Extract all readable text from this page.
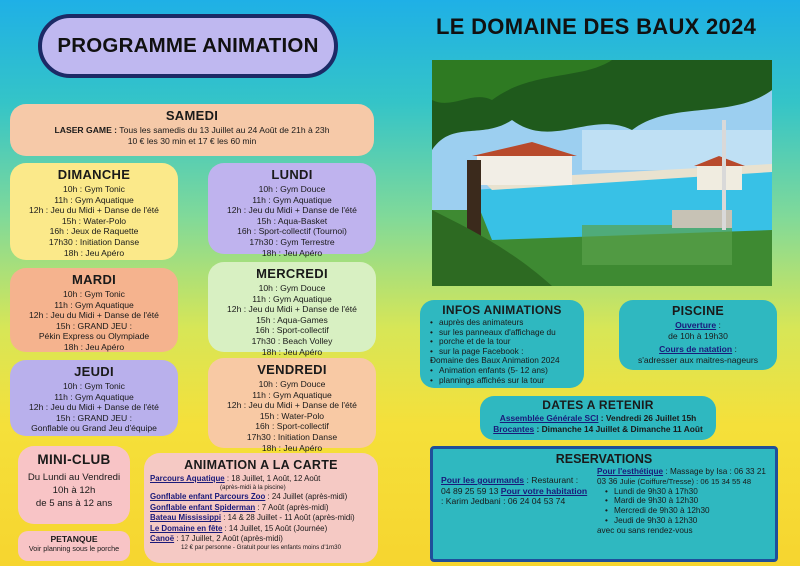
PROGRAMME ANIMATION
LE DOMAINE DES BAUX 2024
SAMEDI
LASER GAME : Tous les samedis du 13 Juillet au 24 Août de 21h à 23h
10 € les 30 min et 17 € les 60 min
DIMANCHE
10h : Gym Tonic
11h : Gym Aquatique
12h : Jeu du Midi + Danse de l'été
15h : Water-Polo
16h : Jeux de Raquette
17h30 : Initiation Danse
18h : Jeu Apéro
LUNDI
10h : Gym Douce
11h : Gym Aquatique
12h : Jeu du Midi + Danse de l'été
15h : Aqua-Basket
16h : Sport-collectif (Tournoi)
17h30 : Gym Terrestre
18h : Jeu Apéro
MARDI
10h : Gym Tonic
11h : Gym Aquatique
12h : Jeu du Midi + Danse de l'été
15h : GRAND JEU :
Pékin Express ou Olympiade
18h : Jeu Apéro
MERCREDI
10h : Gym Douce
11h : Gym Aquatique
12h : Jeu du Midi + Danse de l'été
15h : Aqua-Games
16h : Sport-collectif
17h30 : Beach Volley
18h : Jeu Apéro
JEUDI
10h : Gym Tonic
11h : Gym Aquatique
12h : Jeu du Midi + Danse de l'été
15h : GRAND JEU :
Gonflable ou Grand Jeu d'équipe
VENDREDI
10h : Gym Douce
11h : Gym Aquatique
12h : Jeu du Midi + Danse de l'été
15h : Water-Polo
16h : Sport-collectif
17h30 : Initiation Danse
18h : Jeu Apéro
MINI-CLUB
Du Lundi au Vendredi
10h à 12h
de 5 ans à 12 ans
PETANQUE
Voir planning sous le porche
ANIMATION A LA CARTE
Parcours Aquatique : 18 Juillet, 1 Août, 12 Août
(après-midi à la piscine)
Gonflable enfant Parcours Zoo : 24 Juillet (après-midi)
Gonflable enfant Spiderman : 7 Août (après-midi)
Bateau Mississippi : 14 & 28 Juillet - 11 Août (après-midi)
Le Domaine en fête : 14 Juillet, 15 Août (Journée)
Canoë : 17 Juillet, 2 Août (après-midi)
12 € par personne - Gratuit pour les enfants moins d'1m30
INFOS ANIMATIONS
• auprès des animateurs
• sur les panneaux d'affichage du
• porche et de la tour
• sur la page Facebook :
• Domaine des Baux Animation 2024
• Animation enfants (5- 12 ans)
• plannings affichés sur la tour
PISCINE
Ouverture :
de 10h à 19h30
Cours de natation :
s'adresser aux maitres-nageurs
DATES A RETENIR
Assemblée Générale SCI : Vendredi 26 Juillet 15h
Brocantes : Dimanche 14 Juillet & Dimanche 11 Août
RESERVATIONS
Pour les gourmands : Restaurant : 04 89 25 59 13 Pour votre habitation : Karim Jedbani : 06 24 04 53 74
Pour l'esthétique : Massage by Isa : 06 33 21 03 36 Julie (Coiffure/Tresse) : 06 15 34 55 48
• Lundi de 9h30 à 17h30
• Mardi de 9h30 à 12h30
• Mercredi de 9h30 à 12h30
• Jeudi de 9h30 à 12h30
avec ou sans rendez-vous
